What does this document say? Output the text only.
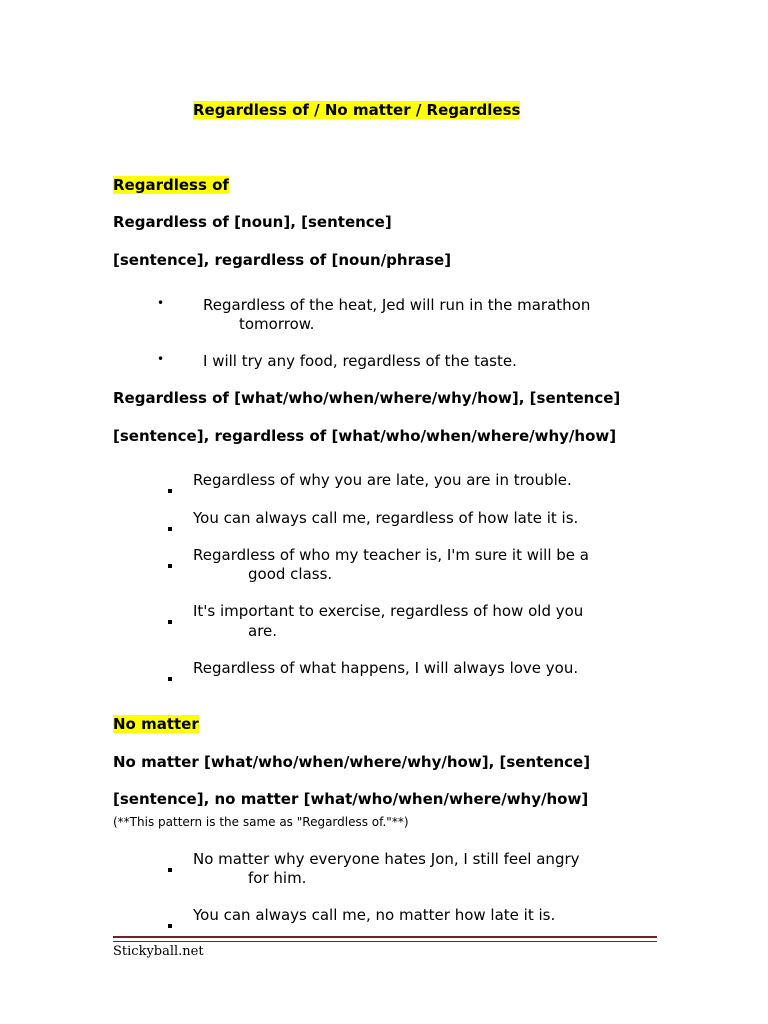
Regardless of / No matter / Regardless
Regardless of
Regardless of [noun], [sentence]
[sentence], regardless of [noun/phrase]
•	Regardless of the heat, Jed will run in the marathon
tomorrow.
•	I will try any food, regardless of the taste.
Regardless of [what/who/when/where/why/how], [sentence]
[sentence], regardless of [what/who/when/where/why/how]
Regardless of why you are late, you are in trouble.
You can always call me, regardless of how late it is.
Regardless of who my teacher is, I'm sure it will be a
good class.
It's important to exercise, regardless of how old you
are.
Regardless of what happens, I will always love you.
No matter
No matter [what/who/when/where/why/how], [sentence]
[sentence], no matter [what/who/when/where/why/how]
(**This pattern is the same as "Regardless of."**)
No matter why everyone hates Jon, I still feel angry
for him.
You can always call me, no matter how late it is.
Stickyball.net
